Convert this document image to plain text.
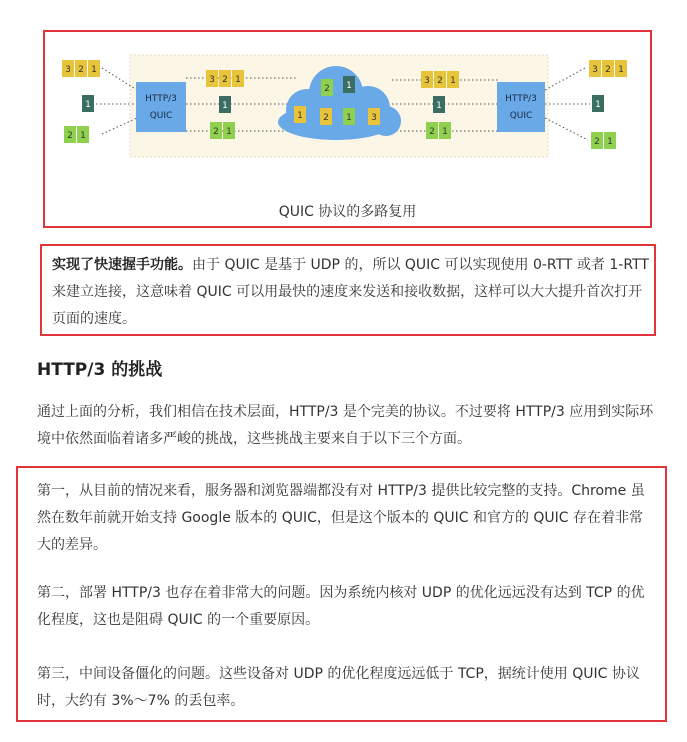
HTTP/3
QUIC
HTTP/3
QUIC
3 2 1
1
2 1
3 2 1
1
2 1
2 1
1 2 1 3
3 2 1
1
2 1
3 2 1
1
2 1
QUIC 协议的多路复用

实现了快速握手功能。由于 QUIC 是基于 UDP 的，所以 QUIC 可以实现使用 0-RTT 或者 1-RTT 来建立连接，这意味着 QUIC 可以用最快的速度来发送和接收数据，这样可以大大提升首次打开页面的速度。

HTTP/3 的挑战

通过上面的分析，我们相信在技术层面，HTTP/3 是个完美的协议。不过要将 HTTP/3 应用到实际环境中依然面临着诸多严峻的挑战，这些挑战主要来自于以下三个方面。

第一，从目前的情况来看，服务器和浏览器端都没有对 HTTP/3 提供比较完整的支持。Chrome 虽然在数年前就开始支持 Google 版本的 QUIC，但是这个版本的 QUIC 和官方的 QUIC 存在着非常大的差异。

第二，部署 HTTP/3 也存在着非常大的问题。因为系统内核对 UDP 的优化远远没有达到 TCP 的优化程度，这也是阻碍 QUIC 的一个重要原因。

第三，中间设备僵化的问题。这些设备对 UDP 的优化程度远远低于 TCP，据统计使用 QUIC 协议时，大约有 3%～7% 的丢包率。
